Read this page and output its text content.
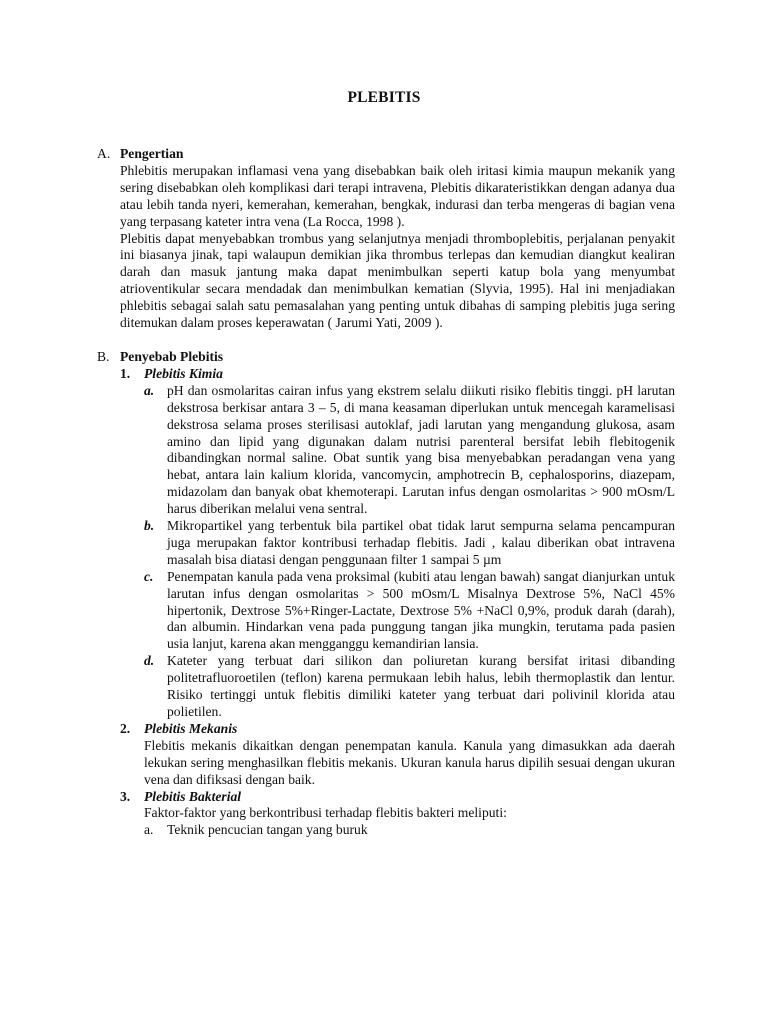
PLEBITIS
A. Pengertian
Phlebitis merupakan inflamasi vena yang disebabkan baik oleh iritasi kimia maupun mekanik yang sering disebabkan oleh komplikasi dari terapi intravena, Plebitis dikarateristikkan dengan adanya dua atau lebih tanda nyeri, kemerahan, kemerahan, bengkak, indurasi dan terba mengeras di bagian vena yang terpasang kateter intra vena (La Rocca, 1998 ).
Plebitis dapat menyebabkan trombus yang selanjutnya menjadi thromboplebitis, perjalanan penyakit ini biasanya jinak, tapi walaupun demikian jika thrombus terlepas dan kemudian diangkut kealiran darah dan masuk jantung maka dapat menimbulkan seperti katup bola yang menyumbat atrioventikular secara mendadak dan menimbulkan kematian (Slyvia, 1995). Hal ini menjadiakan phlebitis sebagai salah satu pemasalahan yang penting untuk dibahas di samping plebitis juga sering ditemukan dalam proses keperawatan ( Jarumi Yati, 2009 ).
B. Penyebab Plebitis
1. Plebitis Kimia
a. pH dan osmolaritas cairan infus yang ekstrem selalu diikuti risiko flebitis tinggi. pH larutan dekstrosa berkisar antara 3 – 5, di mana keasaman diperlukan untuk mencegah karamelisasi dekstrosa selama proses sterilisasi autoklaf, jadi larutan yang mengandung glukosa, asam amino dan lipid yang digunakan dalam nutrisi parenteral bersifat lebih flebitogenik dibandingkan normal saline. Obat suntik yang bisa menyebabkan peradangan vena yang hebat, antara lain kalium klorida, vancomycin, amphotrecin B, cephalosporins, diazepam, midazolam dan banyak obat khemoterapi. Larutan infus dengan osmolaritas > 900 mOsm/L harus diberikan melalui vena sentral.
b. Mikropartikel yang terbentuk bila partikel obat tidak larut sempurna selama pencampuran juga merupakan faktor kontribusi terhadap flebitis. Jadi , kalau diberikan obat intravena masalah bisa diatasi dengan penggunaan filter 1 sampai 5 µm
c. Penempatan kanula pada vena proksimal (kubiti atau lengan bawah) sangat dianjurkan untuk larutan infus dengan osmolaritas > 500 mOsm/L Misalnya Dextrose 5%, NaCl 45% hipertonik, Dextrose 5%+Ringer-Lactate, Dextrose 5% +NaCl 0,9%, produk darah (darah), dan albumin. Hindarkan vena pada punggung tangan jika mungkin, terutama pada pasien usia lanjut, karena akan mengganggu kemandirian lansia.
d. Kateter yang terbuat dari silikon dan poliuretan kurang bersifat iritasi dibanding politetrafluoroetilen (teflon) karena permukaan lebih halus, lebih thermoplastik dan lentur. Risiko tertinggi untuk flebitis dimiliki kateter yang terbuat dari polivinil klorida atau polietilen.
2. Plebitis Mekanis
Flebitis mekanis dikaitkan dengan penempatan kanula. Kanula yang dimasukkan ada daerah lekukan sering menghasilkan flebitis mekanis. Ukuran kanula harus dipilih sesuai dengan ukuran vena dan difiksasi dengan baik.
3. Plebitis Bakterial
Faktor-faktor yang berkontribusi terhadap flebitis bakteri meliputi:
a. Teknik pencucian tangan yang buruk
